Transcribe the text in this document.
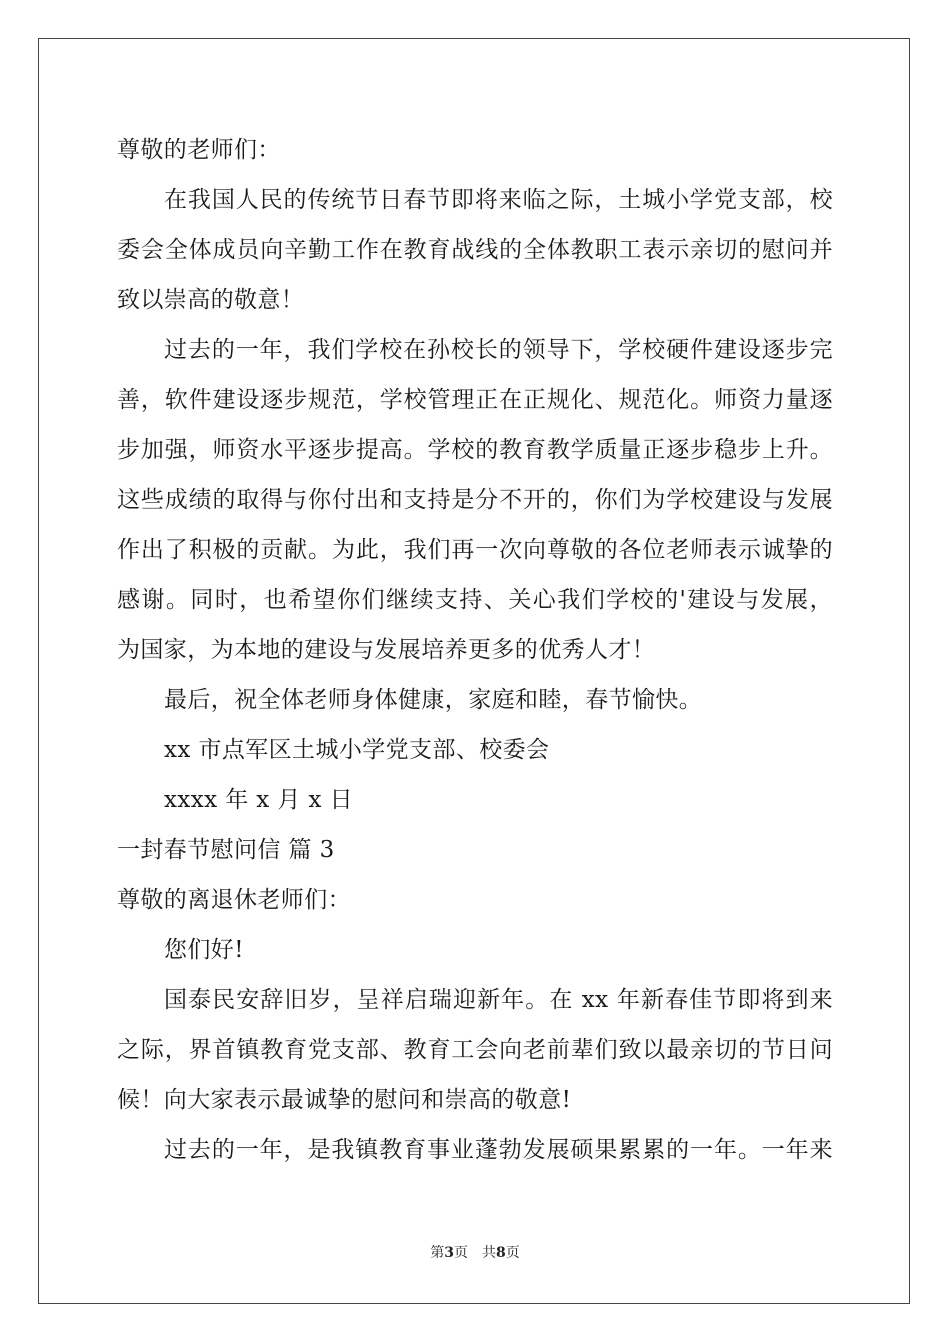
尊敬的老师们：
在我国人民的传统节日春节即将来临之际，土城小学党支部，校
委会全体成员向辛勤工作在教育战线的全体教职工表示亲切的慰问并
致以崇高的敬意！
过去的一年，我们学校在孙校长的领导下，学校硬件建设逐步完
善，软件建设逐步规范，学校管理正在正规化、规范化。师资力量逐
步加强，师资水平逐步提高。学校的教育教学质量正逐步稳步上升。
这些成绩的取得与你付出和支持是分不开的，你们为学校建设与发展
作出了积极的贡献。为此，我们再一次向尊敬的各位老师表示诚挚的
感谢。同时，也希望你们继续支持、关心我们学校的'建设与发展，
为国家，为本地的建设与发展培养更多的优秀人才！
最后，祝全体老师身体健康，家庭和睦，春节愉快。
xx 市点军区土城小学党支部、校委会
xxxx 年 x 月 x 日
一封春节慰问信 篇 3
尊敬的离退休老师们：
您们好!
国泰民安辞旧岁，呈祥启瑞迎新年。在 xx 年新春佳节即将到来
之际，界首镇教育党支部、教育工会向老前辈们致以最亲切的节日问
候！向大家表示最诚挚的慰问和崇高的敬意!
过去的一年，是我镇教育事业蓬勃发展硕果累累的一年。一年来
第3页 共8页
